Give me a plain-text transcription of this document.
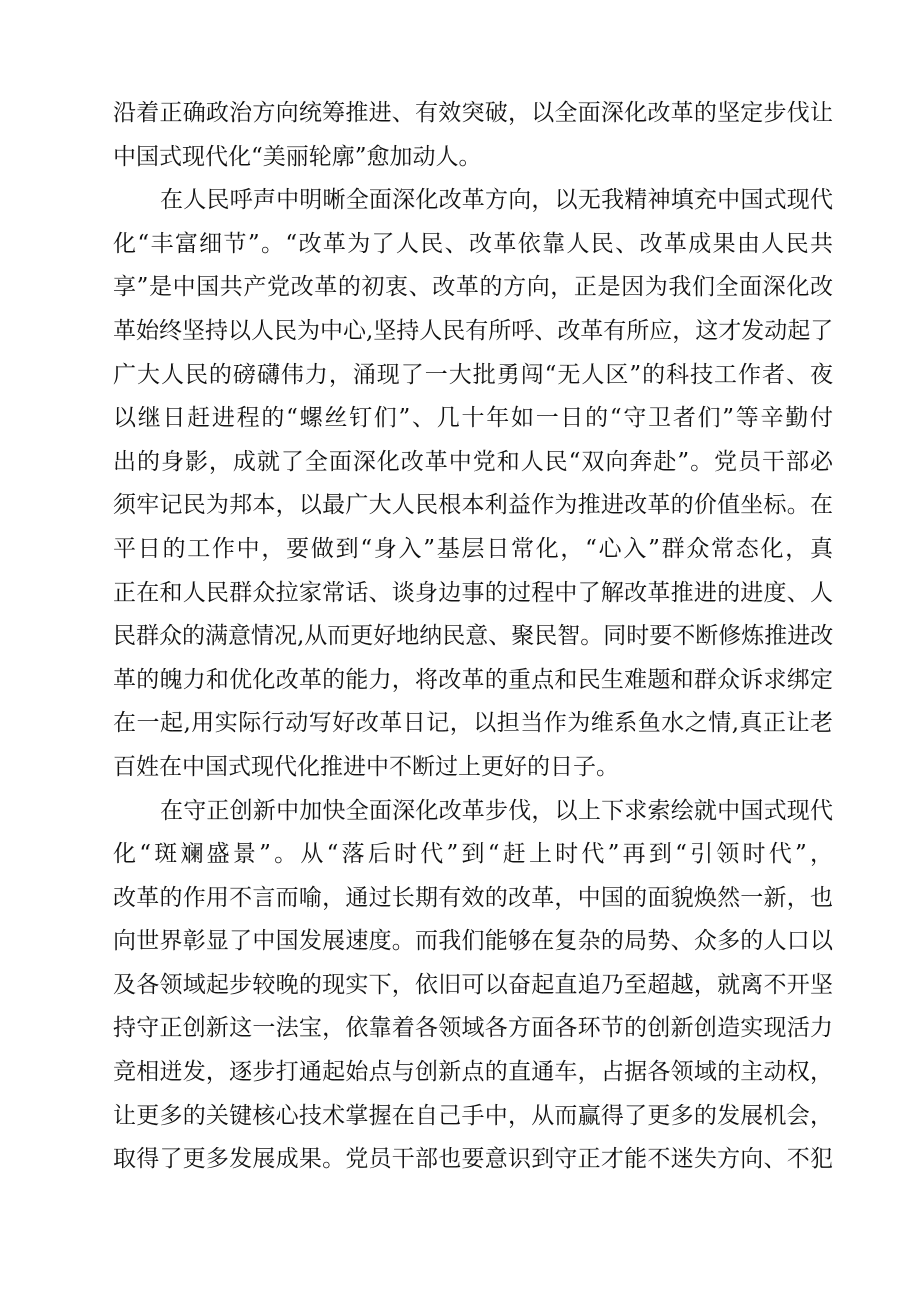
沿着正确政治方向统筹推进、有效突破，以全面深化改革的坚定步伐让
中国式现代化“美丽轮廓”愈加动人。
在人民呼声中明晰全面深化改革方向，以无我精神填充中国式现代
化“丰富细节”。“改革为了人民、改革依靠人民、改革成果由人民共
享”是中国共产党改革的初衷、改革的方向，正是因为我们全面深化改
革始终坚持以人民为中心,坚持人民有所呼、改革有所应，这才发动起了
广大人民的磅礴伟力，涌现了一大批勇闯“无人区”的科技工作者、夜
以继日赶进程的“螺丝钉们”、几十年如一日的“守卫者们”等辛勤付
出的身影，成就了全面深化改革中党和人民“双向奔赴”。党员干部必
须牢记民为邦本，以最广大人民根本利益作为推进改革的价值坐标。在
平日的工作中，要做到“身入”基层日常化，“心入”群众常态化，真
正在和人民群众拉家常话、谈身边事的过程中了解改革推进的进度、人
民群众的满意情况,从而更好地纳民意、聚民智。同时要不断修炼推进改
革的魄力和优化改革的能力，将改革的重点和民生难题和群众诉求绑定
在一起,用实际行动写好改革日记，以担当作为维系鱼水之情,真正让老
百姓在中国式现代化推进中不断过上更好的日子。
在守正创新中加快全面深化改革步伐，以上下求索绘就中国式现代
化“斑斓盛景”。从“落后时代”到“赶上时代”再到“引领时代”，
改革的作用不言而喻，通过长期有效的改革，中国的面貌焕然一新，也
向世界彰显了中国发展速度。而我们能够在复杂的局势、众多的人口以
及各领域起步较晚的现实下，依旧可以奋起直追乃至超越，就离不开坚
持守正创新这一法宝，依靠着各领域各方面各环节的创新创造实现活力
竞相迸发，逐步打通起始点与创新点的直通车，占据各领域的主动权，
让更多的关键核心技术掌握在自己手中，从而赢得了更多的发展机会，
取得了更多发展成果。党员干部也要意识到守正才能不迷失方向、不犯
